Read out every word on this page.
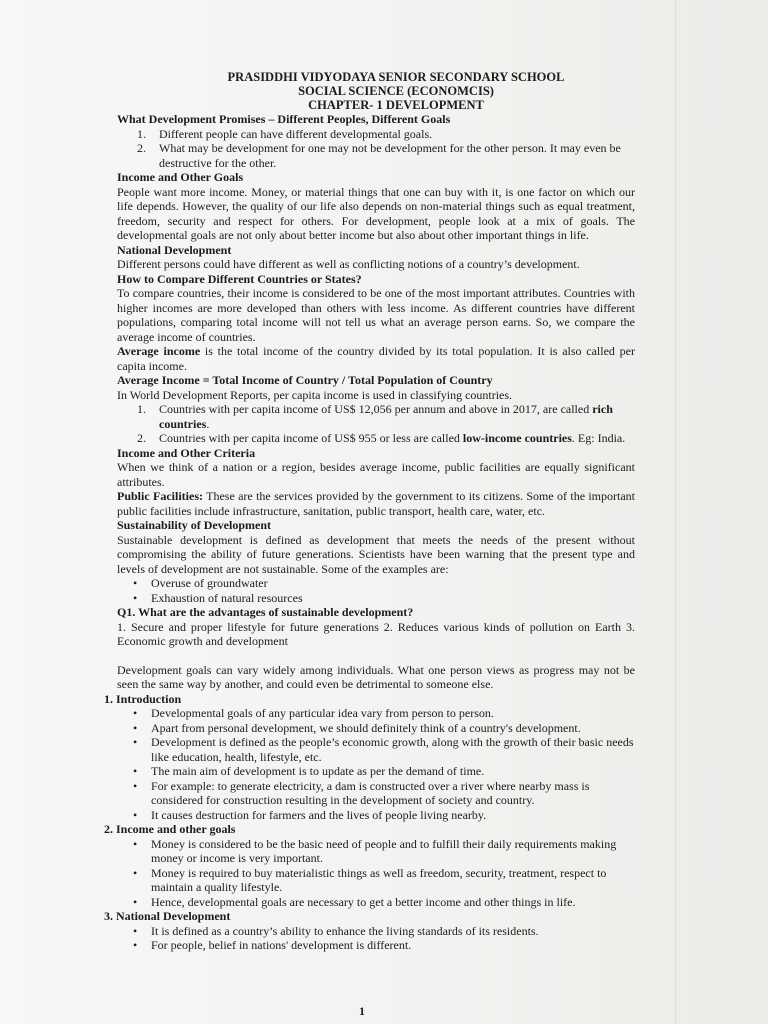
PRASIDDHI VIDYODAYA SENIOR SECONDARY SCHOOL
SOCIAL SCIENCE (ECONOMCIS)
CHAPTER- 1 DEVELOPMENT
What Development Promises – Different Peoples, Different Goals
1. Different people can have different developmental goals.
2. What may be development for one may not be development for the other person. It may even be destructive for the other.
Income and Other Goals

People want more income. Money, or material things that one can buy with it, is one factor on which our life depends. However, the quality of our life also depends on non-material things such as equal treatment, freedom, security and respect for others. For development, people look at a mix of goals. The developmental goals are not only about better income but also about other important things in life.

National Development

Different persons could have different as well as conflicting notions of a country’s development.

How to Compare Different Countries or States?

To compare countries, their income is considered to be one of the most important attributes. Countries with higher incomes are more developed than others with less income. As different countries have different populations, comparing total income will not tell us what an average person earns. So, we compare the average income of countries.

Average income is the total income of the country divided by its total population. It is also called per capita income.

Average Income = Total Income of Country / Total Population of Country

In World Development Reports, per capita income is used in classifying countries.

1. Countries with per capita income of US$ 12,056 per annum and above in 2017, are called rich countries.
2. Countries with per capita income of US$ 955 or less are called low-income countries. Eg: India.
Income and Other Criteria

When we think of a nation or a region, besides average income, public facilities are equally significant attributes.

Public Facilities: These are the services provided by the government to its citizens. Some of the important public facilities include infrastructure, sanitation, public transport, health care, water, etc.

Sustainability of Development

Sustainable development is defined as development that meets the needs of the present without compromising the ability of future generations. Scientists have been warning that the present type and levels of development are not sustainable. Some of the examples are:

• Overuse of groundwater
• Exhaustion of natural resources
Q1. What are the advantages of sustainable development?

1. Secure and proper lifestyle for future generations 2. Reduces various kinds of pollution on Earth 3. Economic growth and development

Development goals can vary widely among individuals. What one person views as progress may not be seen the same way by another, and could even be detrimental to someone else.

1. Introduction
• Developmental goals of any particular idea vary from person to person.
• Apart from personal development, we should definitely think of a country's development.
• Development is defined as the people’s economic growth, along with the growth of their basic needs like education, health, lifestyle, etc.
• The main aim of development is to update as per the demand of time.
• For example: to generate electricity, a dam is constructed over a river where nearby mass is considered for construction resulting in the development of society and country.
• It causes destruction for farmers and the lives of people living nearby.
2. Income and other goals
• Money is considered to be the basic need of people and to fulfill their daily requirements making money or income is very important.
• Money is required to buy materialistic things as well as freedom, security, treatment, respect to maintain a quality lifestyle.
• Hence, developmental goals are necessary to get a better income and other things in life.
3. National Development
• It is defined as a country’s ability to enhance the living standards of its residents.
• For people, belief in nations' development is different.
1
